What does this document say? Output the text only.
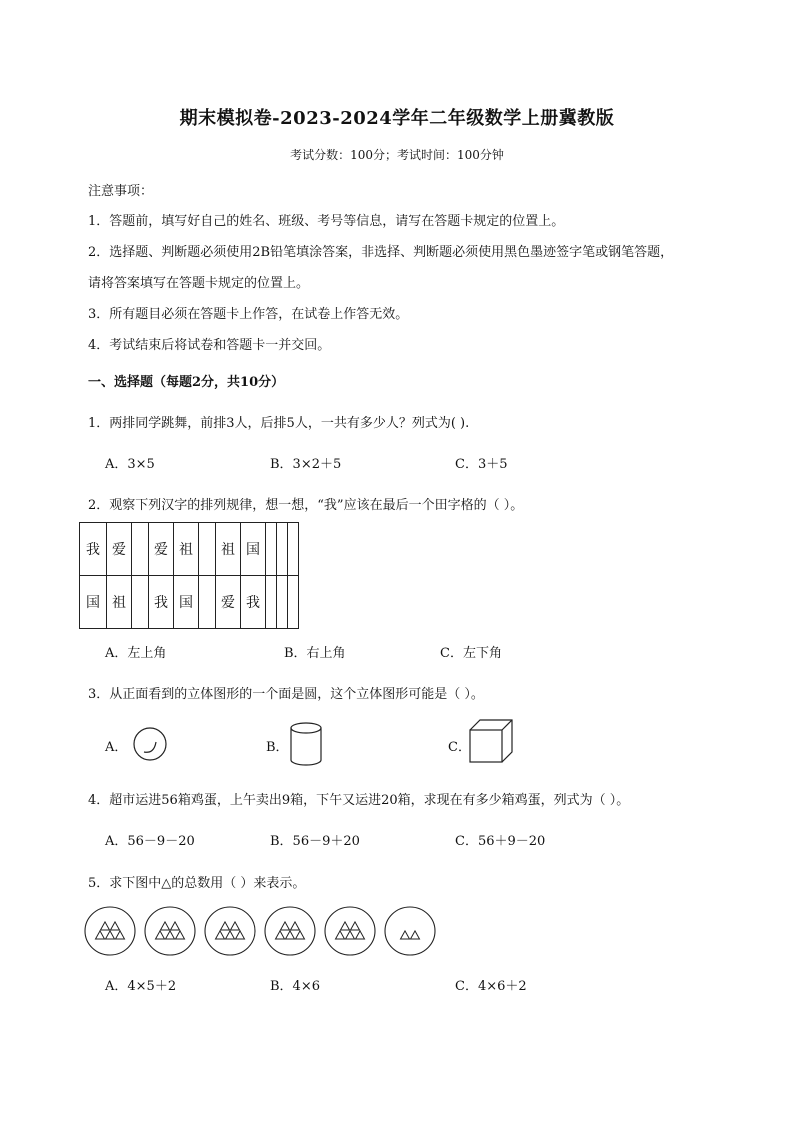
期末模拟卷-2023-2024学年二年级数学上册冀教版
考试分数：100分；考试时间：100分钟
注意事项：
1．答题前，填写好自己的姓名、班级、考号等信息，请写在答题卡规定的位置上。
2．选择题、判断题必须使用2B铅笔填涂答案，非选择、判断题必须使用黑色墨迹签字笔或钢笔答题，
请将答案填写在答题卡规定的位置上。
3．所有题目必须在答题卡上作答，在试卷上作答无效。
4．考试结束后将试卷和答题卡一并交回。
一、选择题（每题2分，共10分）
1．两排同学跳舞，前排3人，后排5人，一共有多少人？列式为( ).
A．3×5	B．3×2＋5	C．3＋5
2．观察下列汉字的排列规律，想一想，“我”应该在最后一个田字格的（ ）。
我	爱		爱	祖		祖	国			
国	祖		我	国		爱	我			
A．左上角	B．右上角	C．左下角
3．从正面看到的立体图形的一个面是圆，这个立体图形可能是（ ）。
A．	B．	C．
4．超市运进56箱鸡蛋，上午卖出9箱，下午又运进20箱，求现在有多少箱鸡蛋，列式为（ ）。
A．56－9－20	B．56－9＋20	C．56＋9－20
5．求下图中△的总数用（ ）来表示。
A．4×5＋2	B．4×6	C．4×6＋2
